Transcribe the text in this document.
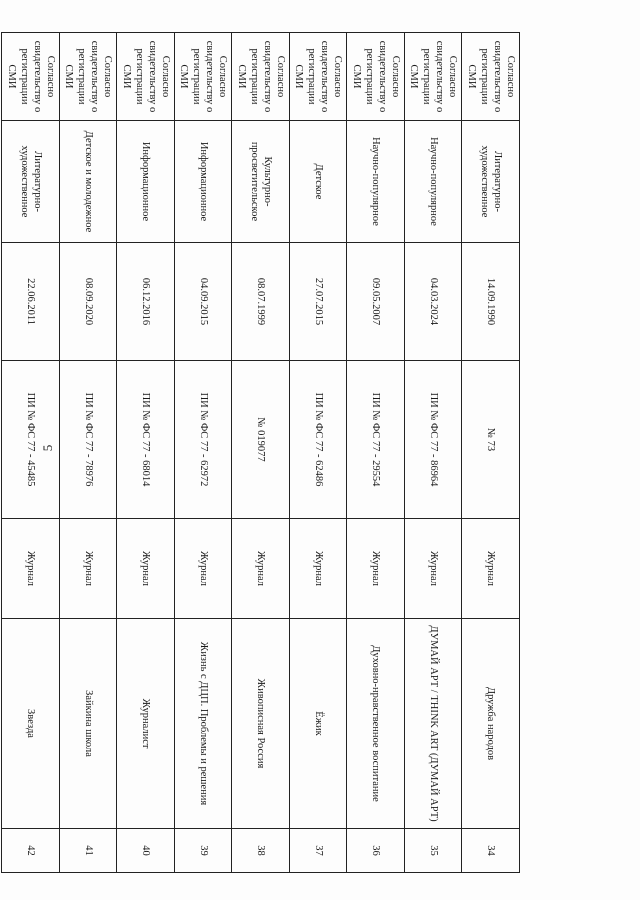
5
Согласно свидетельству о регистрации СМИ	Литературно-художественное	14.09.1990	№ 73	Журнал	Дружба народов	34
Согласно свидетельству о регистрации СМИ	Научно-популярное	04.03.2024	ПИ № ФС 77 - 86964	Журнал	ДУМАЙ АРТ / THINK ART (ДУМАЙ АРТ)	35
Согласно свидетельству о регистрации СМИ	Научно-популярное	09.05.2007	ПИ № ФС 77 - 29554	Журнал	Духовно-нравственное воспитание	36
Согласно свидетельству о регистрации СМИ	Детское	27.07.2015	ПИ № ФС 77 - 62486	Журнал	Ёжик	37
Согласно свидетельству о регистрации СМИ	Культурно-просветительское	08.07.1999	№ 019077	Журнал	Живописная Россия	38
Согласно свидетельству о регистрации СМИ	Информационное	04.09.2015	ПИ № ФС 77 - 62972	Журнал	Жизнь с ДЦП. Проблемы и решения	39
Согласно свидетельству о регистрации СМИ	Информационное	06.12.2016	ПИ № ФС 77 - 68014	Журнал	Журналист	40
Согласно свидетельству о регистрации СМИ	Детское и молодежное	08.09.2020	ПИ № ФС 77 - 78976	Журнал	Зайкина школа	41
Согласно свидетельству о регистрации СМИ	Литературно-художественное	22.06.2011	ПИ № ФС 77 - 45485	Журнал	Звезда	42
